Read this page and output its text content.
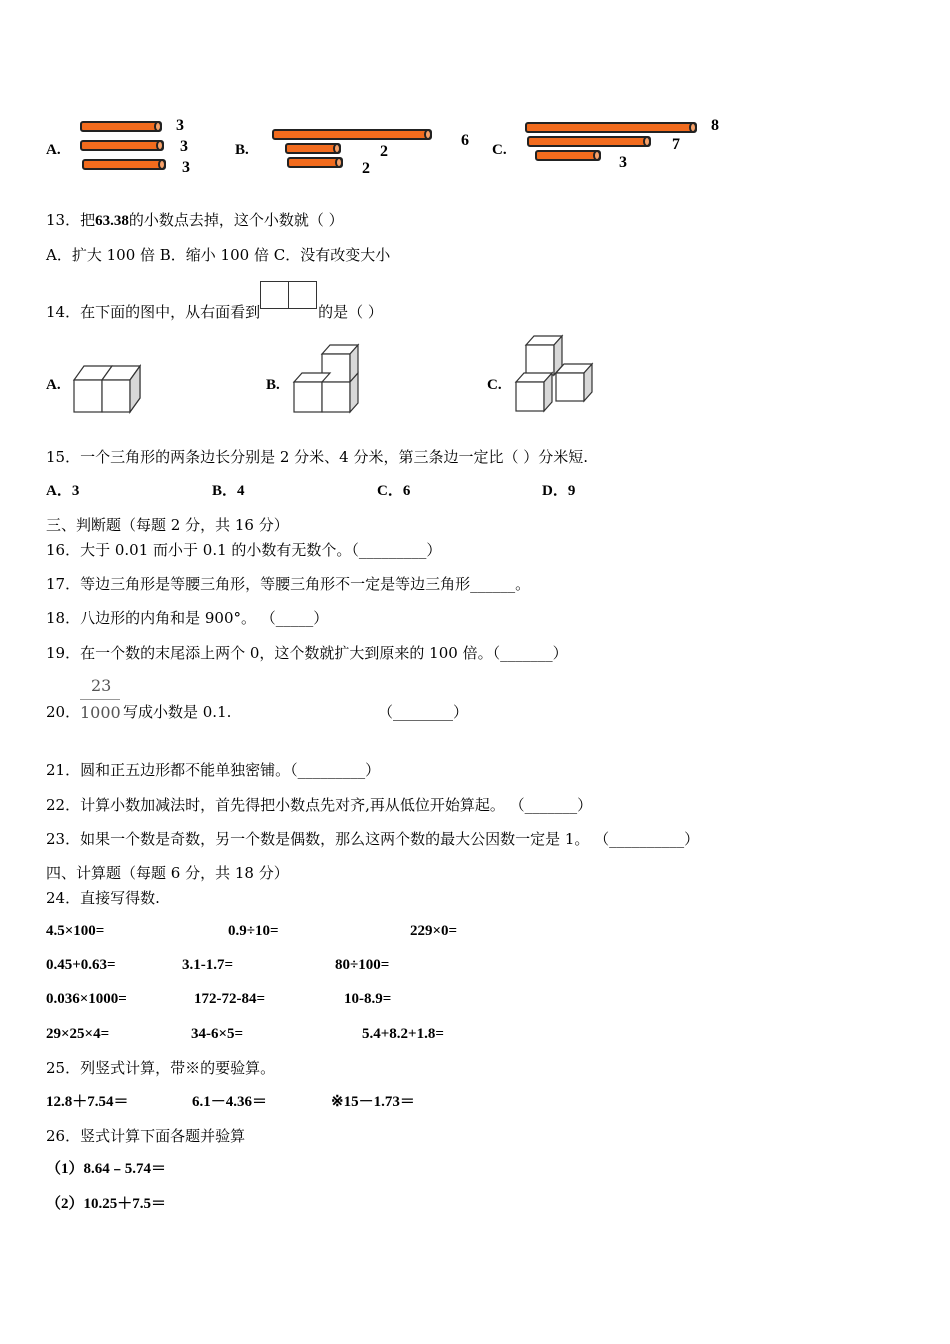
A.
3
3
3
B.
6
2
2
C.
8
7
3
13．把63.38的小数点去掉，这个小数就（ ）
A．扩大 100 倍 B．缩小 100 倍 C．没有改变大小
14．在下面的图中，从右面看到	的是（ ）
A.	B.	C.
15．一个三角形的两条边长分别是 2 分米、4 分米，第三条边一定比（ ）分米短.
A．3	B．4	C．6	D．9
三、判断题（每题 2 分，共 16 分）
16．大于 0.01 而小于 0.1 的小数有无数个。（_________）
17．等边三角形是等腰三角形，等腰三角形不一定是等边三角形______。
18．八边形的内角和是 900°。 （_____）
19．在一个数的末尾添上两个 0，这个数就扩大到原来的 100 倍。（_______）
20．
23
1000 写成小数是 0.1.	（________）
21．圆和正五边形都不能单独密铺。（_________）
22．计算小数加减法时，首先得把小数点先对齐,再从低位开始算起。 （_______）
23．如果一个数是奇数，另一个数是偶数，那么这两个数的最大公因数一定是 1。 （__________）
四、计算题（每题 6 分，共 18 分）
24．直接写得数.
4.5×100=	0.9÷10=	229×0=
0.45+0.63=	3.1-1.7=	80÷100=
0.036×1000=	172-72-84=	10-8.9=
29×25×4=	34-6×5=	5.4+8.2+1.8=
25．列竖式计算，带※的要验算。
12.8＋7.54＝	6.1－4.36＝	※15－1.73＝
26．竖式计算下面各题并验算
（1）8.64﹣5.74＝
（2）10.25＋7.5＝
